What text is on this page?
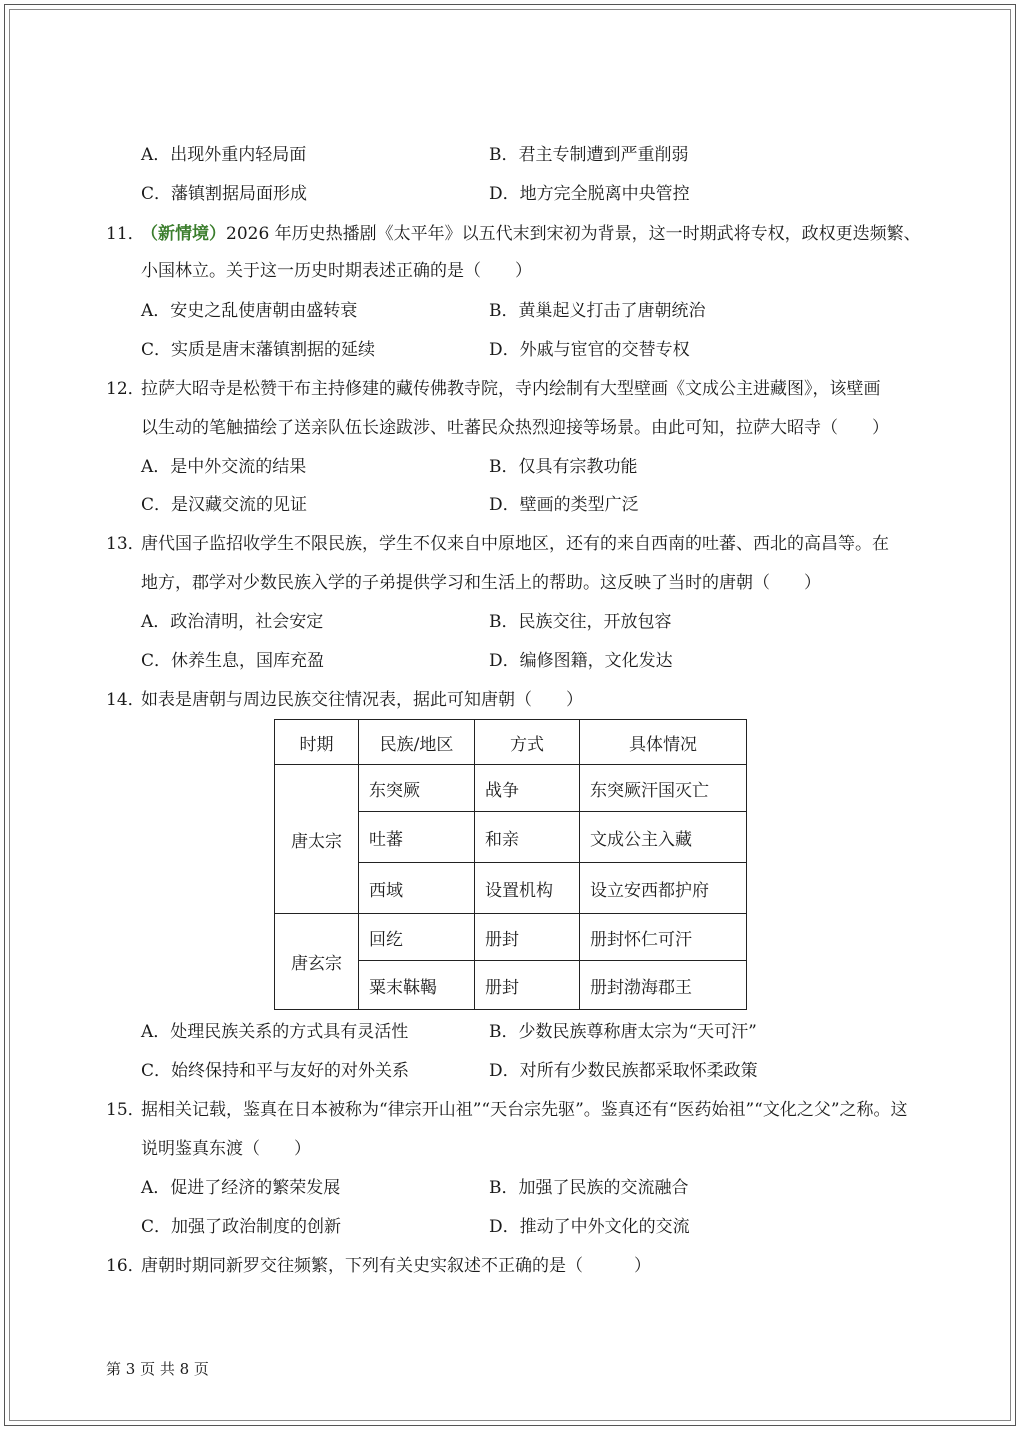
A．出现外重内轻局面	B．君主专制遭到严重削弱
C．藩镇割据局面形成	D．地方完全脱离中央管控
11．
（新情境）2026 年历史热播剧《太平年》以五代末到宋初为背景，这一时期武将专权，政权更迭频繁、
小国林立。关于这一历史时期表述正确的是（　　）
A．安史之乱使唐朝由盛转衰	B．黄巢起义打击了唐朝统治
C．实质是唐末藩镇割据的延续	D．外戚与宦官的交替专权
12．
拉萨大昭寺是松赞干布主持修建的藏传佛教寺院，寺内绘制有大型壁画《文成公主进藏图》，该壁画
以生动的笔触描绘了送亲队伍长途跋涉、吐蕃民众热烈迎接等场景。由此可知，拉萨大昭寺（　　）
A．是中外交流的结果	B．仅具有宗教功能
C．是汉藏交流的见证	D．壁画的类型广泛
13．
唐代国子监招收学生不限民族，学生不仅来自中原地区，还有的来自西南的吐蕃、西北的高昌等。在
地方，郡学对少数民族入学的子弟提供学习和生活上的帮助。这反映了当时的唐朝（　　）
A．政治清明，社会安定	B．民族交往，开放包容
C．休养生息，国库充盈	D．编修图籍，文化发达
14．
如表是唐朝与周边民族交往情况表，据此可知唐朝（　　）
时期	民族/地区	方式	具体情况
唐太宗	东突厥	战争	东突厥汗国灭亡
	吐蕃	和亲	文成公主入藏
	西域	设置机构	设立安西都护府
唐玄宗	回纥	册封	册封怀仁可汗
	粟末靺鞨	册封	册封渤海郡王
A．处理民族关系的方式具有灵活性	B．少数民族尊称唐太宗为“天可汗”
C．始终保持和平与友好的对外关系	D．对所有少数民族都采取怀柔政策
15．
据相关记载，鉴真在日本被称为“律宗开山祖”“天台宗先驱”。鉴真还有“医药始祖”“文化之父”之称。这
说明鉴真东渡（　　）
A．促进了经济的繁荣发展	B．加强了民族的交流融合
C．加强了政治制度的创新	D．推动了中外文化的交流
16．
唐朝时期同新罗交往频繁，下列有关史实叙述不正确的是（　　　）
第 3 页 共 8 页
